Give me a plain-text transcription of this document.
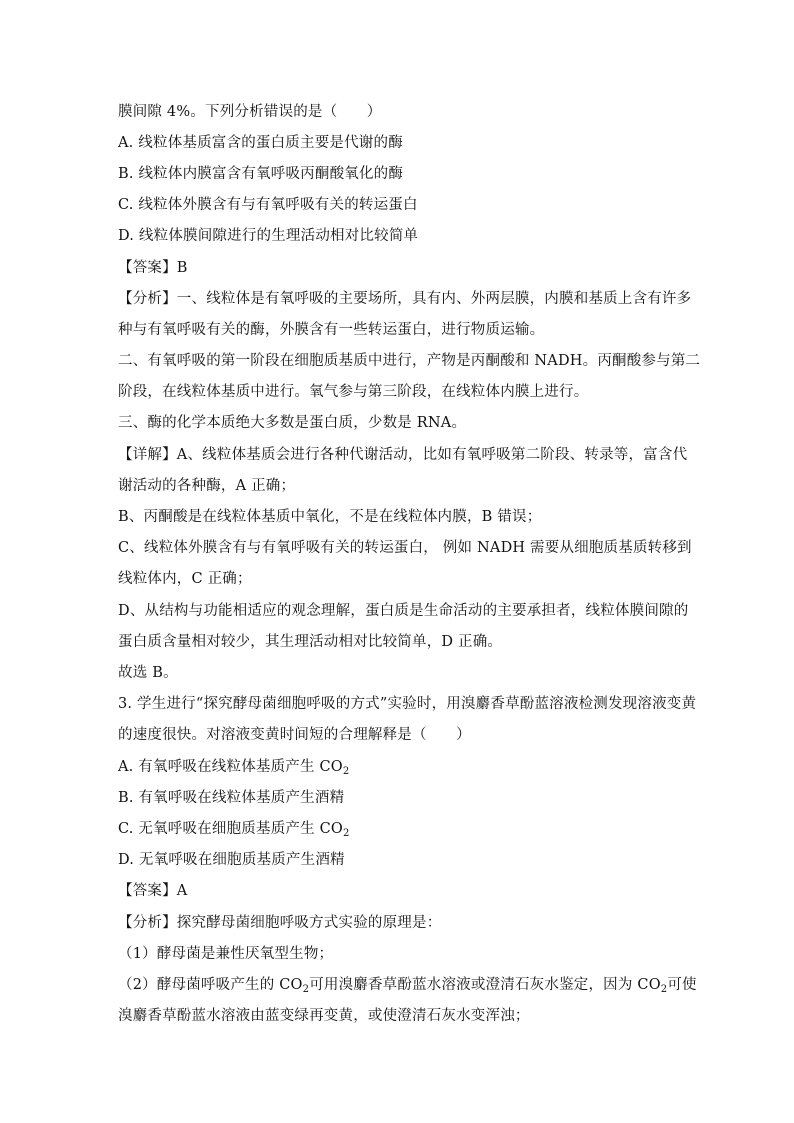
膜间隙 4%。下列分析错误的是（　　）
A. 线粒体基质富含的蛋白质主要是代谢的酶
B. 线粒体内膜富含有氧呼吸丙酮酸氧化的酶
C. 线粒体外膜含有与有氧呼吸有关的转运蛋白
D. 线粒体膜间隙进行的生理活动相对比较简单
【答案】B
【分析】一、线粒体是有氧呼吸的主要场所，具有内、外两层膜，内膜和基质上含有许多
种与有氧呼吸有关的酶，外膜含有一些转运蛋白，进行物质运输。
二、有氧呼吸的第一阶段在细胞质基质中进行，产物是丙酮酸和 NADH。丙酮酸参与第二
阶段，在线粒体基质中进行。氧气参与第三阶段，在线粒体内膜上进行。
三、酶的化学本质绝大多数是蛋白质，少数是 RNA。
【详解】A、线粒体基质会进行各种代谢活动，比如有氧呼吸第二阶段、转录等，富含代
谢活动的各种酶，A 正确；
B、丙酮酸是在线粒体基质中氧化，不是在线粒体内膜，B 错误；
C、线粒体外膜含有与有氧呼吸有关的转运蛋白， 例如 NADH 需要从细胞质基质转移到
线粒体内，C 正确；
D、从结构与功能相适应的观念理解，蛋白质是生命活动的主要承担者，线粒体膜间隙的
蛋白质含量相对较少，其生理活动相对比较简单，D 正确。
故选 B。
3. 学生进行“探究酵母菌细胞呼吸的方式”实验时，用溴麝香草酚蓝溶液检测发现溶液变黄
的速度很快。对溶液变黄时间短的合理解释是（　　）
A. 有氧呼吸在线粒体基质产生 $CO_2$
B. 有氧呼吸在线粒体基质产生酒精
C. 无氧呼吸在细胞质基质产生 $CO_2$
D. 无氧呼吸在细胞质基质产生酒精
【答案】A
【分析】探究酵母菌细胞呼吸方式实验的原理是：
（1）酵母菌是兼性厌氧型生物；
（2）酵母菌呼吸产生的 $CO_2$可用溴麝香草酚蓝水溶液或澄清石灰水鉴定，因为 $CO_2$可使
溴麝香草酚蓝水溶液由蓝变绿再变黄，或使澄清石灰水变浑浊；
